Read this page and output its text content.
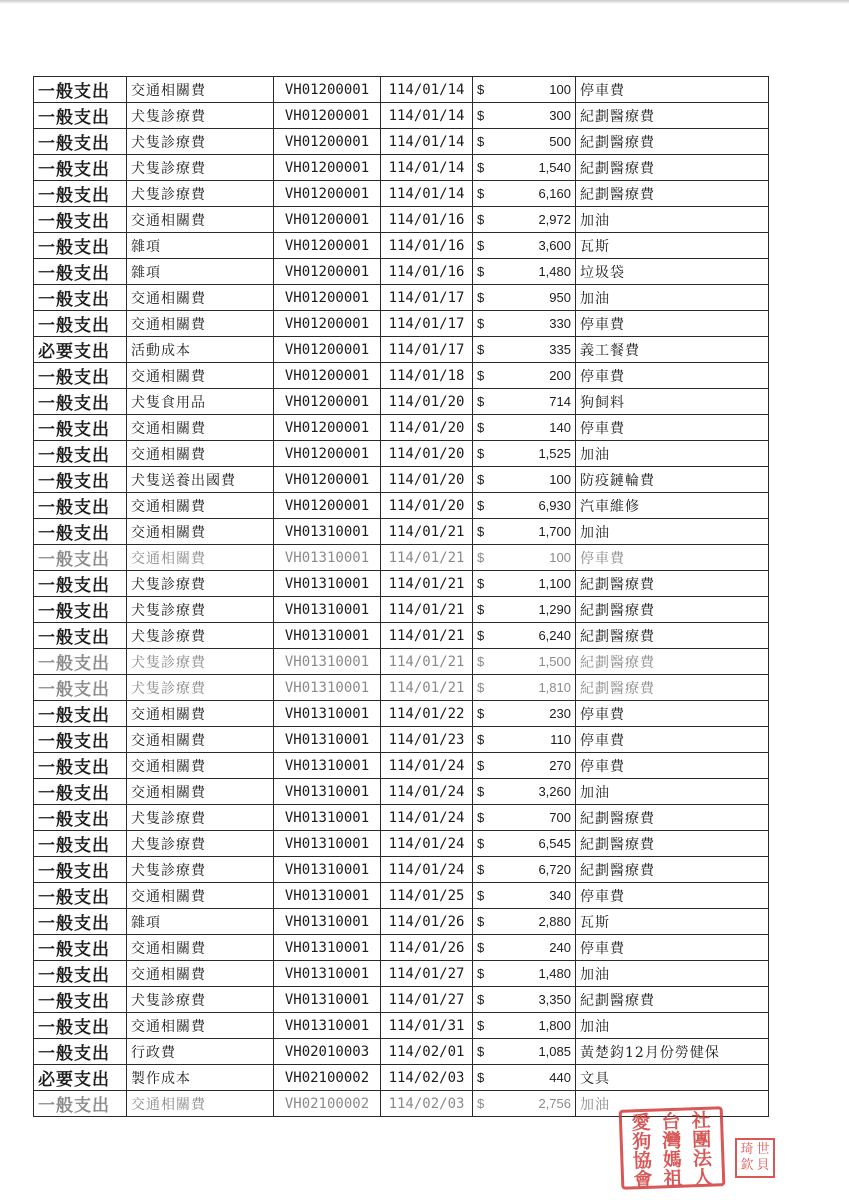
一般支出	交通相關費	VH01200001	114/01/14	$ 100	停車費
一般支出	犬隻診療費	VH01200001	114/01/14	$ 300	紀劃醫療費
一般支出	犬隻診療費	VH01200001	114/01/14	$ 500	紀劃醫療費
一般支出	犬隻診療費	VH01200001	114/01/14	$ 1,540	紀劃醫療費
一般支出	犬隻診療費	VH01200001	114/01/14	$ 6,160	紀劃醫療費
一般支出	交通相關費	VH01200001	114/01/16	$ 2,972	加油
一般支出	雜項	VH01200001	114/01/16	$ 3,600	瓦斯
一般支出	雜項	VH01200001	114/01/16	$ 1,480	垃圾袋
一般支出	交通相關費	VH01200001	114/01/17	$ 950	加油
一般支出	交通相關費	VH01200001	114/01/17	$ 330	停車費
必要支出	活動成本	VH01200001	114/01/17	$ 335	義工餐費
一般支出	交通相關費	VH01200001	114/01/18	$ 200	停車費
一般支出	犬隻食用品	VH01200001	114/01/20	$ 714	狗飼料
一般支出	交通相關費	VH01200001	114/01/20	$ 140	停車費
一般支出	交通相關費	VH01200001	114/01/20	$ 1,525	加油
一般支出	犬隻送養出國費	VH01200001	114/01/20	$ 100	防疫鏈輪費
一般支出	交通相關費	VH01200001	114/01/20	$ 6,930	汽車維修
一般支出	交通相關費	VH01310001	114/01/21	$ 1,700	加油
一般支出	交通相關費	VH01310001	114/01/21	$ 100	停車費
一般支出	犬隻診療費	VH01310001	114/01/21	$ 1,100	紀劃醫療費
一般支出	犬隻診療費	VH01310001	114/01/21	$ 1,290	紀劃醫療費
一般支出	犬隻診療費	VH01310001	114/01/21	$ 6,240	紀劃醫療費
一般支出	犬隻診療費	VH01310001	114/01/21	$ 1,500	紀劃醫療費
一般支出	犬隻診療費	VH01310001	114/01/21	$ 1,810	紀劃醫療費
一般支出	交通相關費	VH01310001	114/01/22	$ 230	停車費
一般支出	交通相關費	VH01310001	114/01/23	$ 110	停車費
一般支出	交通相關費	VH01310001	114/01/24	$ 270	停車費
一般支出	交通相關費	VH01310001	114/01/24	$ 3,260	加油
一般支出	犬隻診療費	VH01310001	114/01/24	$ 700	紀劃醫療費
一般支出	犬隻診療費	VH01310001	114/01/24	$ 6,545	紀劃醫療費
一般支出	犬隻診療費	VH01310001	114/01/24	$ 6,720	紀劃醫療費
一般支出	交通相關費	VH01310001	114/01/25	$ 340	停車費
一般支出	雜項	VH01310001	114/01/26	$ 2,880	瓦斯
一般支出	交通相關費	VH01310001	114/01/26	$ 240	停車費
一般支出	交通相關費	VH01310001	114/01/27	$ 1,480	加油
一般支出	犬隻診療費	VH01310001	114/01/27	$ 3,350	紀劃醫療費
一般支出	交通相關費	VH01310001	114/01/31	$ 1,800	加油
一般支出	行政費	VH02010003	114/02/01	$ 1,085	黃楚鈞12月份勞健保
必要支出	製作成本	VH02100002	114/02/03	$ 440	文具
一般支出	交通相關費	VH02100002	114/02/03	$ 2,756	加油
愛
狗
協
會
台
灣
媽
祖
社
團
法
人
琦
欽
世
貝
